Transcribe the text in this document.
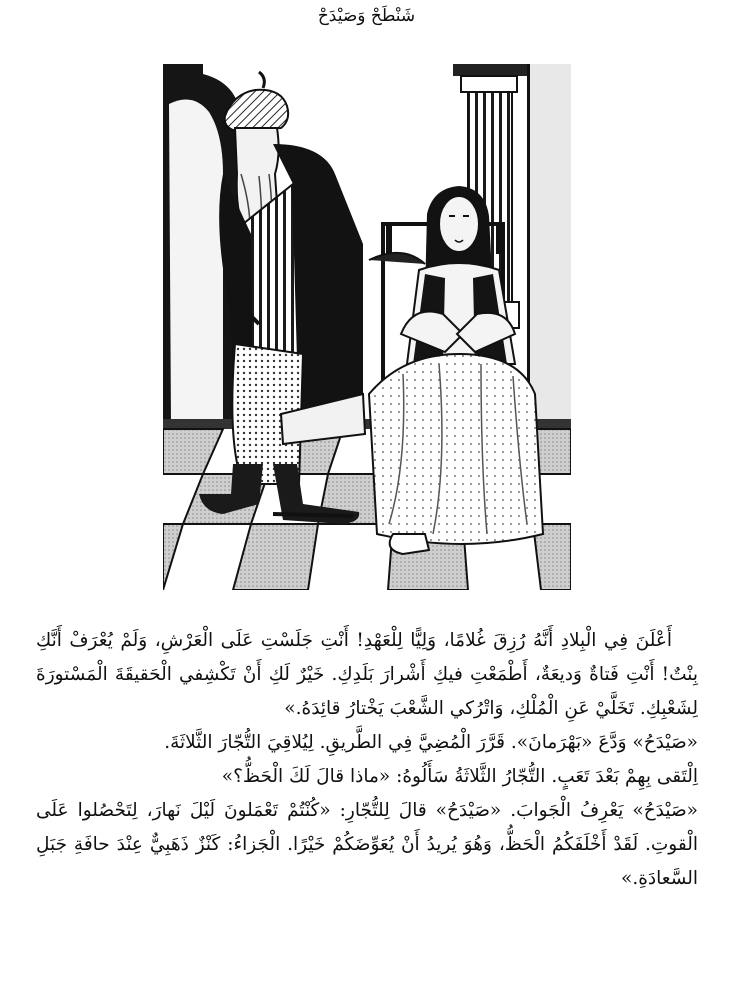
شَنْطَحْ وَصَيْدَحْ

أَعْلَنَ فِي الْبِلادِ أَنَّهُ رُزِقَ غُلامًا، وَلِيًّا لِلْعَهْدِ! أَنْتِ جَلَسْتِ عَلَى الْعَرْشِ، وَلَمْ يُعْرَفْ أَنَّكِ بِنْتٌ! أَنْتِ فَتاةٌ وَديعَةٌ، أَطْمَعْتِ فيكِ أَشْرارَ بَلَدِكِ. خَيْرٌ لَكِ أَنْ تَكْشِفي الْحَقيقَةَ الْمَسْتورَةَ لِشَعْبِكِ. تَخَلَّيْ عَنِ الْمُلْكِ، وَاتْرُكي الشَّعْبَ يَخْتارُ قائِدَهُ.»

«صَيْدَحُ» وَدَّعَ «بَهْرَمانَ». قَرَّرَ الْمُضِيَّ فِي الطَّريقِ. لِيُلاقِيَ التُّجّارَ الثَّلاثَةَ.

اِلْتَقى بِهِمْ بَعْدَ تَعَبٍ. التُّجّارُ الثَّلاثَةُ سَأَلُوهُ: «ماذا قالَ لَكَ الْحَظُّ؟»

«صَيْدَحُ» يَعْرِفُ الْجَوابَ. «صَيْدَحُ» قالَ لِلتُّجّارِ: «كُنْتُمْ تَعْمَلونَ لَيْلَ نَهارَ، لِتَحْصُلوا عَلَى الْقوتِ. لَقَدْ أَخْلَفَكُمُ الْحَظُّ، وَهُوَ يُريدُ أَنْ يُعَوِّضَكُمْ خَيْرًا. الْجَزاءُ: كَنْزٌ ذَهَبِيٌّ عِنْدَ حافَةِ جَبَلِ السَّعادَةِ.»
